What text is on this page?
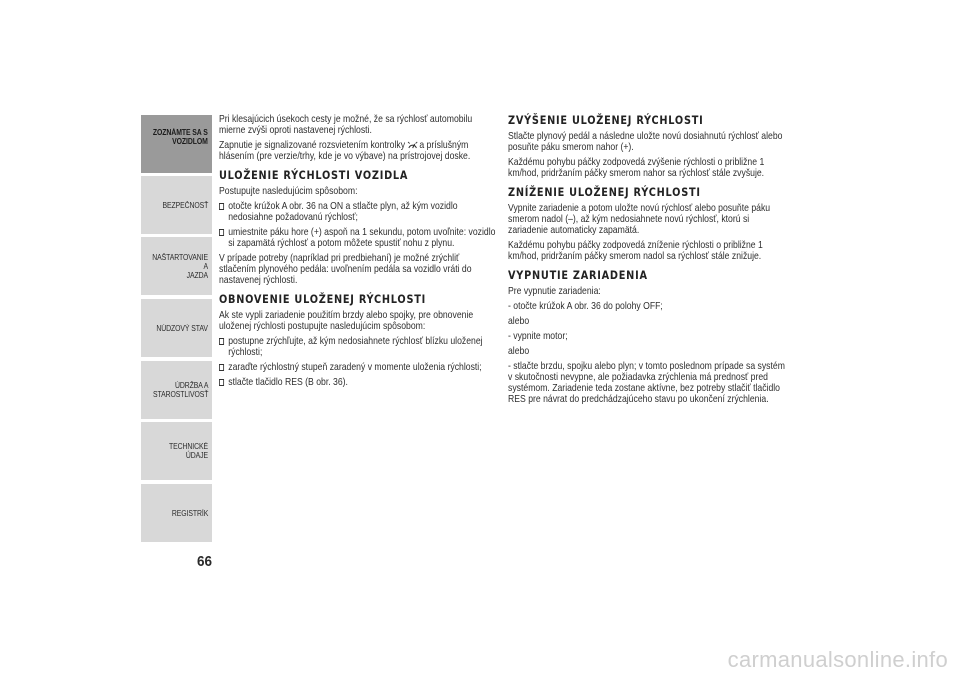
ZOZNÁMTE SA S
VOZIDLOM
BEZPEČNOSŤ
NAŠTARTOVANIE A
JAZDA
NÚDZOVÝ STAV
ÚDRŽBA A
STAROSTLIVOSŤ
TECHNICKÉ ÚDAJE
REGISTRÍK
66

Pri klesajúcich úsekoch cesty je možné, že sa rýchlosť automobilu mierne zvýši oproti nastavenej rýchlosti.

Zapnutie je signalizované rozsvietením kontrolky a príslušným hlásením (pre verzie/trhy, kde je vo výbave) na prístrojovej doske.

ULOŽENIE RÝCHLOSTI VOZIDLA

Postupujte nasledujúcim spôsobom:

otočte krúžok A obr. 36 na ON a stlačte plyn, až kým vozidlo nedosiahne požadovanú rýchlosť;

umiestnite páku hore (+) aspoň na 1 sekundu, potom uvoľnite: vozidlo si zapamätá rýchlosť a potom môžete spustiť nohu z plynu.

V prípade potreby (napríklad pri predbiehaní) je možné zrýchliť stlačením plynového pedála: uvoľnením pedála sa vozidlo vráti do nastavenej rýchlosti.

OBNOVENIE ULOŽENEJ RÝCHLOSTI

Ak ste vypli zariadenie použitím brzdy alebo spojky, pre obnovenie uloženej rýchlosti postupujte nasledujúcim spôsobom:

postupne zrýchľujte, až kým nedosiahnete rýchlosť blízku uloženej rýchlosti;

zaraďte rýchlostný stupeň zaradený v momente uloženia rýchlosti;

stlačte tlačidlo RES (B obr. 36).

ZVÝŠENIE ULOŽENEJ RÝCHLOSTI

Stlačte plynový pedál a následne uložte novú dosiahnutú rýchlosť alebo posuňte páku smerom nahor (+).

Každému pohybu páčky zodpovedá zvýšenie rýchlosti o približne 1 km/hod, pridržaním páčky smerom nahor sa rýchlosť stále zvyšuje.

ZNÍŽENIE ULOŽENEJ RÝCHLOSTI

Vypnite zariadenie a potom uložte novú rýchlosť alebo posuňte páku smerom nadol (–), až kým nedosiahnete novú rýchlosť, ktorú si zariadenie automaticky zapamätá.

Každému pohybu páčky zodpovedá zníženie rýchlosti o približne 1 km/hod, pridržaním páčky smerom nadol sa rýchlosť stále znižuje.

VYPNUTIE ZARIADENIA

Pre vypnutie zariadenia:

- otočte krúžok A obr. 36 do polohy OFF;

alebo

- vypnite motor;

alebo

- stlačte brzdu, spojku alebo plyn; v tomto poslednom prípade sa systém v skutočnosti nevypne, ale požiadavka zrýchlenia má prednosť pred systémom. Zariadenie teda zostane aktívne, bez potreby stlačiť tlačidlo RES pre návrat do predchádzajúceho stavu po ukončení zrýchlenia.

carmanualsonline.info
